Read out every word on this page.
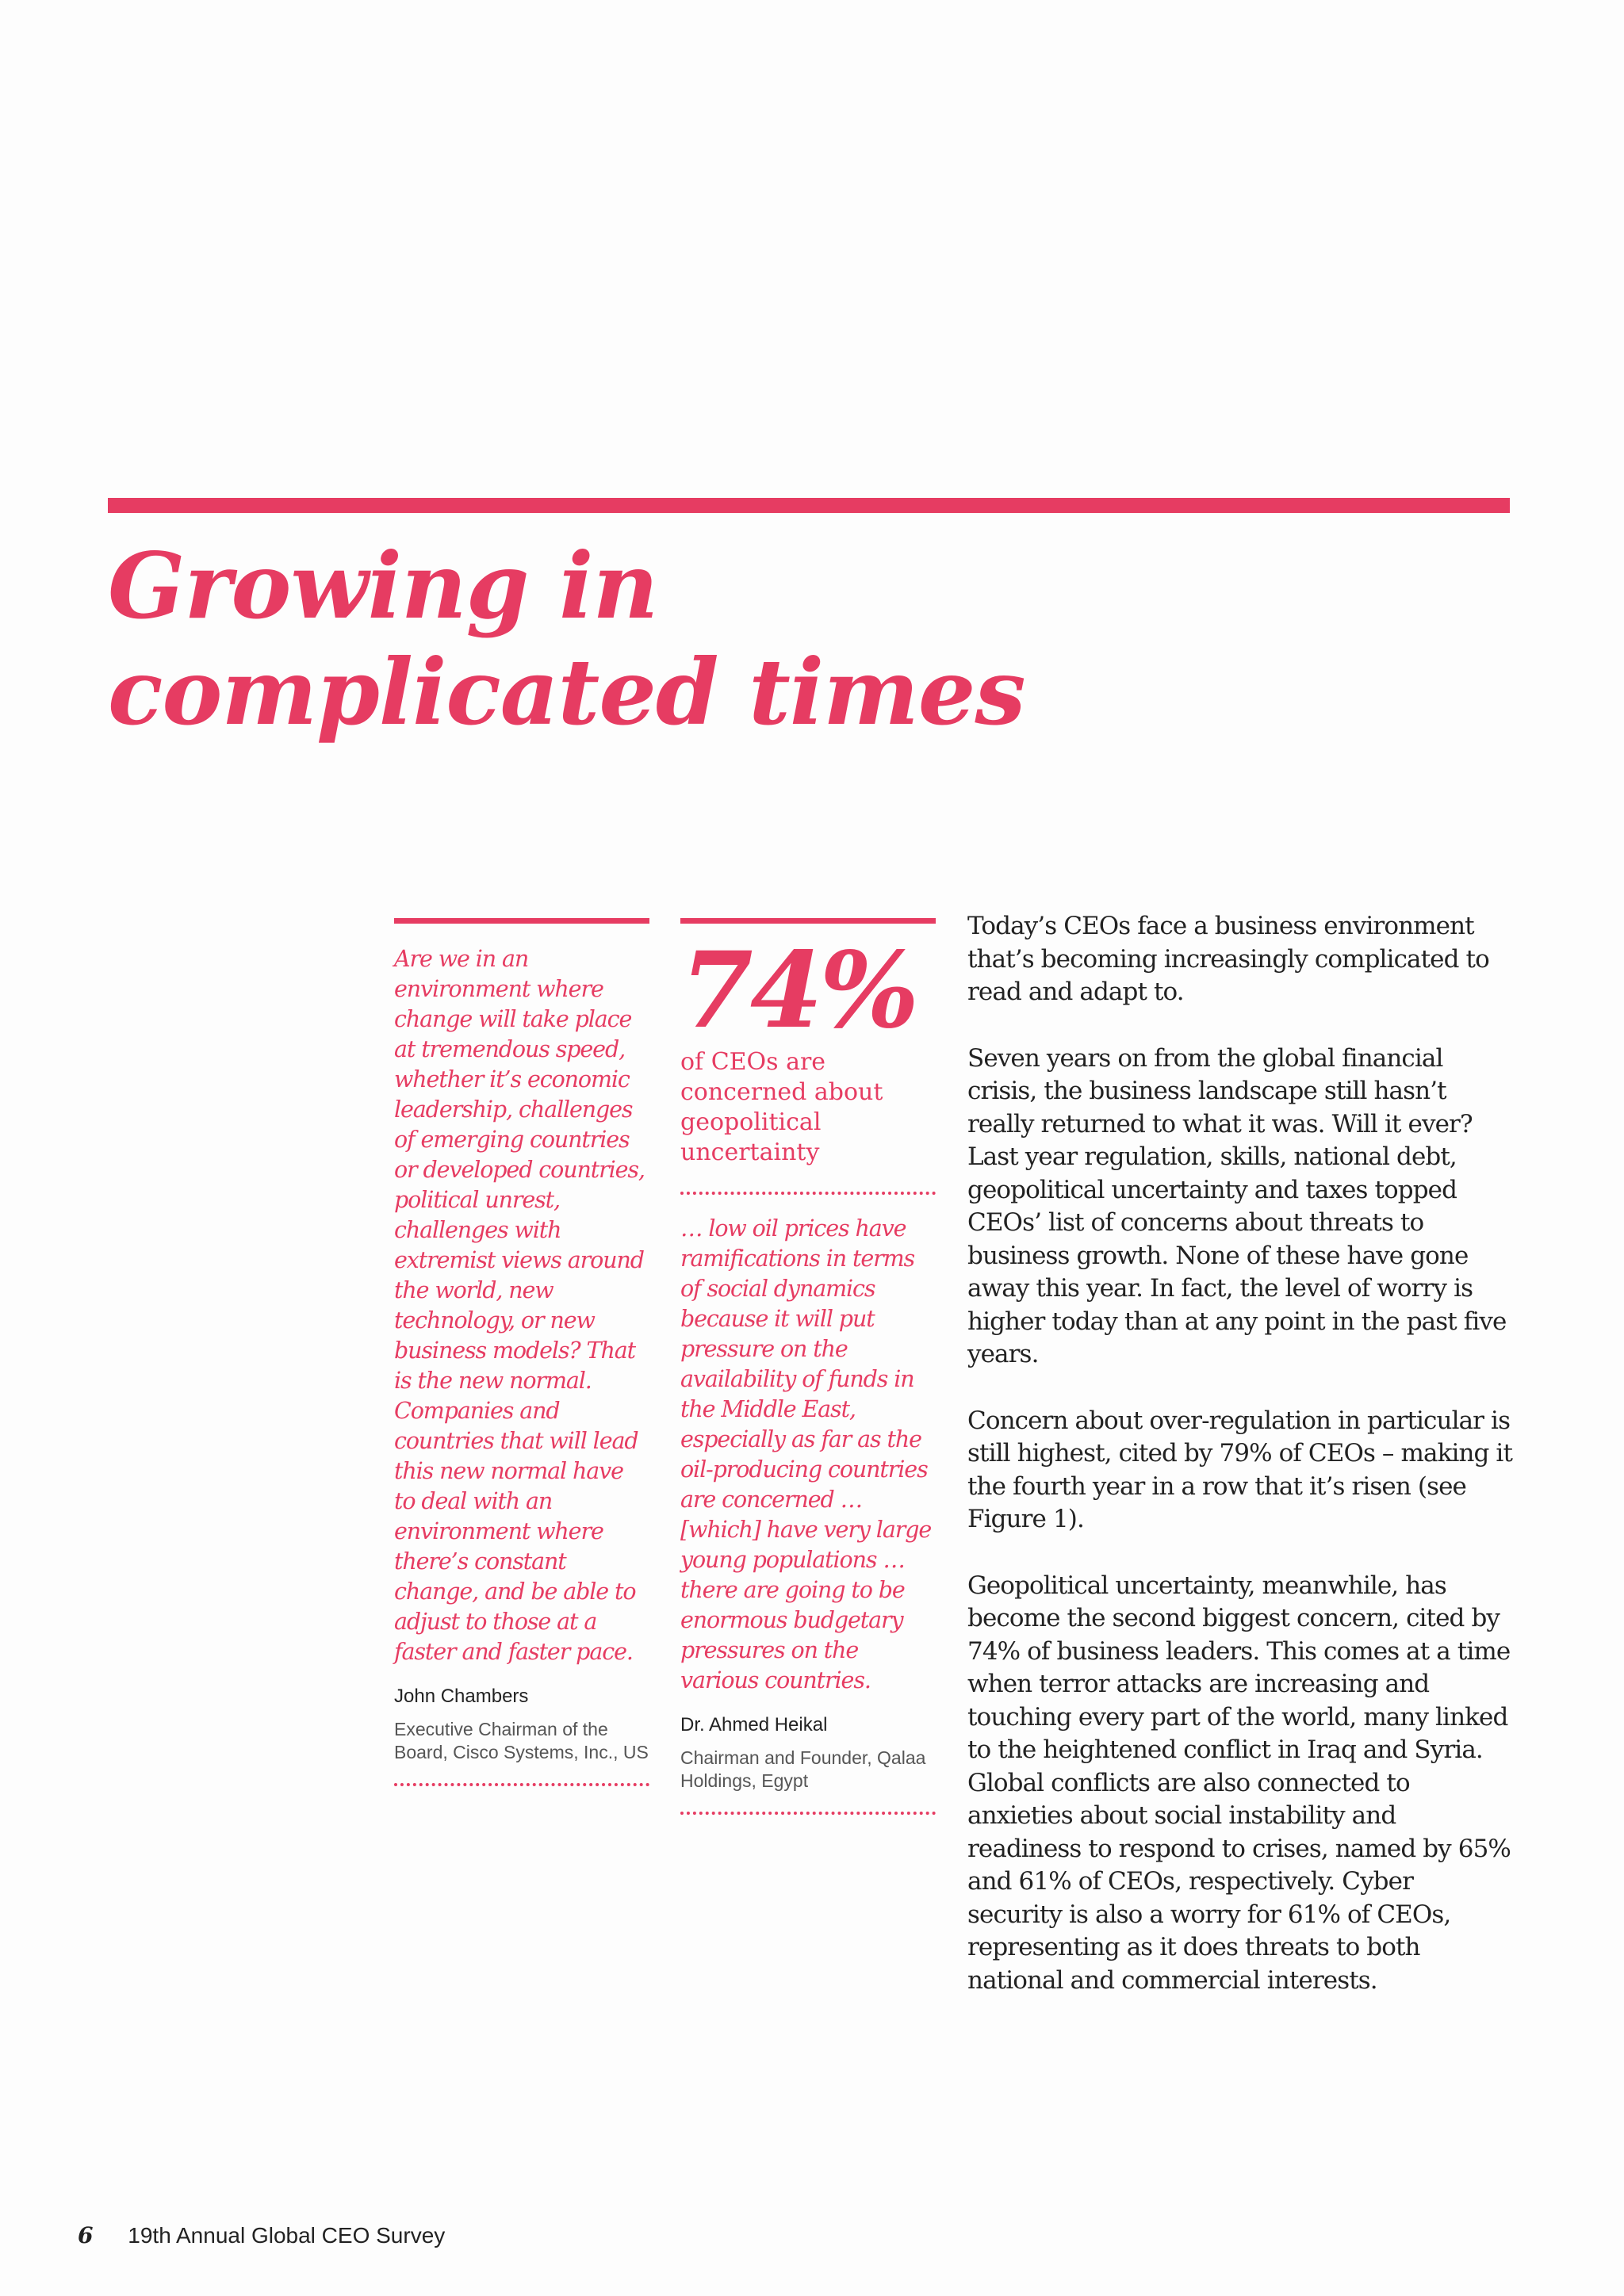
Growing in
complicated times

Are we in an environment where change will take place at tremendous speed, whether it’s economic leadership, challenges of emerging countries or developed countries, political unrest, challenges with extremist views around the world, new technology, or new business models? That is the new normal. Companies and countries that will lead this new normal have to deal with an environment where there’s constant change, and be able to adjust to those at a faster and faster pace.

John Chambers
Executive Chairman of the Board, Cisco Systems, Inc., US
74%
of CEOs are concerned about geopolitical uncertainty

… low oil prices have ramifications in terms of social dynamics because it will put pressure on the availability of funds in the Middle East, especially as far as the oil-producing countries are concerned … [which] have very large young populations … there are going to be enormous budgetary pressures on the various countries.

Dr. Ahmed Heikal
Chairman and Founder, Qalaa Holdings, Egypt

Today’s CEOs face a business environment that’s becoming increasingly complicated to read and adapt to.

Seven years on from the global financial crisis, the business landscape still hasn’t really returned to what it was. Will it ever? Last year regulation, skills, national debt, geopolitical uncertainty and taxes topped CEOs’ list of concerns about threats to business growth. None of these have gone away this year. In fact, the level of worry is higher today than at any point in the past five years.

Concern about over-regulation in particular is still highest, cited by 79% of CEOs – making it the fourth year in a row that it’s risen (see Figure 1).

Geopolitical uncertainty, meanwhile, has become the second biggest concern, cited by 74% of business leaders. This comes at a time when terror attacks are increasing and touching every part of the world, many linked to the heightened conflict in Iraq and Syria. Global conflicts are also connected to anxieties about social instability and readiness to respond to crises, named by 65% and 61% of CEOs, respectively. Cyber security is also a worry for 61% of CEOs, representing as it does threats to both national and commercial interests.

6 19th Annual Global CEO Survey
